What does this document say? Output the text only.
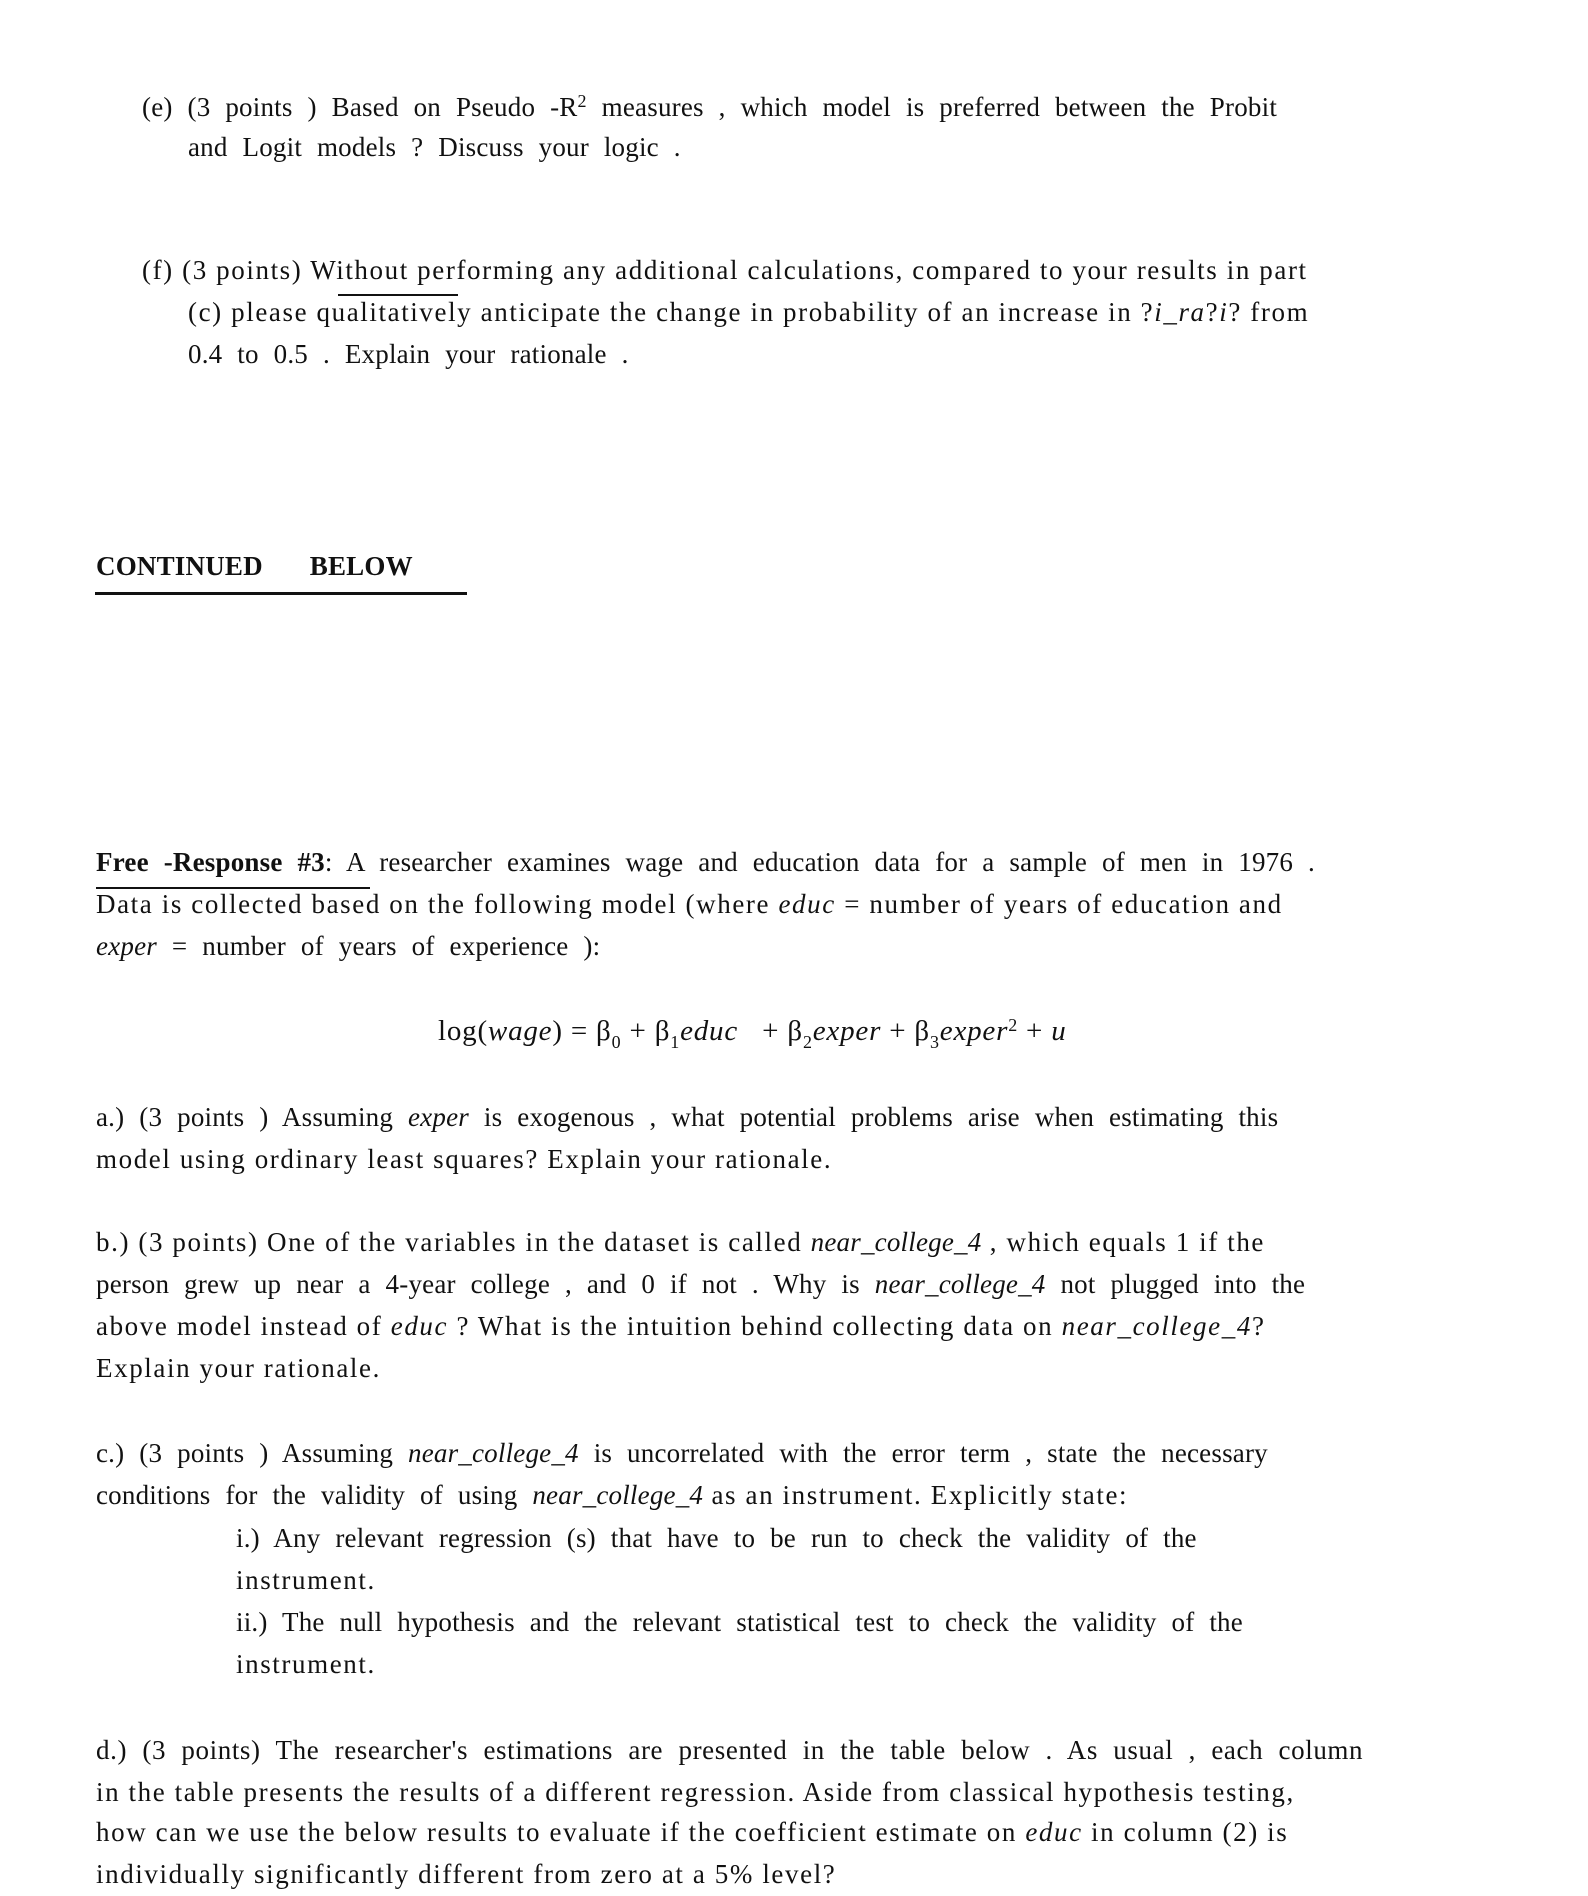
(e) (3 points ) Based on Pseudo $-R^2$ measures , which model is preferred between the Probit
and Logit models ? Discuss your logic .
(f) (3 points) Without performing any additional calculations, compared to your results in part
(c) please qualitatively anticipate the change in probability of an increase in ?i_ra?i? from
0.4 to 0.5 . Explain your rationale .
CONTINUED BELOW
Free -Response #3: A researcher examines wage and education data for a sample of men in 1976 .
Data is collected based on the following model (where educ = number of years of education and
exper = number of years of experience ):
log(wage) = $\beta_0$ + $\beta_1educ$   + $\beta_2exper$ + $\beta_3exper^2 + u$
a.) (3 points ) Assuming exper is exogenous , what potential problems arise when estimating this
model using ordinary least squares? Explain your rationale.
b.) (3 points) One of the variables in the dataset is called near_college_4 , which equals 1 if the
person grew up near a 4-year college , and 0 if not . Why is near_college_4 not plugged into the
above model instead of educ ? What is the intuition behind collecting data on near_college_4?
Explain your rationale.
c.) (3 points ) Assuming near_college_4 is uncorrelated with the error term , state the necessary
conditions for the validity of using near_college_4 as an instrument. Explicitly state:
i.) Any relevant regression (s) that have to be run to check the validity of the
instrument.
ii.) The null hypothesis and the relevant statistical test to check the validity of the
instrument.
d.) (3 points) The researcher's estimations are presented in the table below . As usual , each column
in the table presents the results of a different regression. Aside from classical hypothesis testing,
how can we use the below results to evaluate if the coefficient estimate on educ in column (2) is
individually significantly different from zero at a 5% level?
